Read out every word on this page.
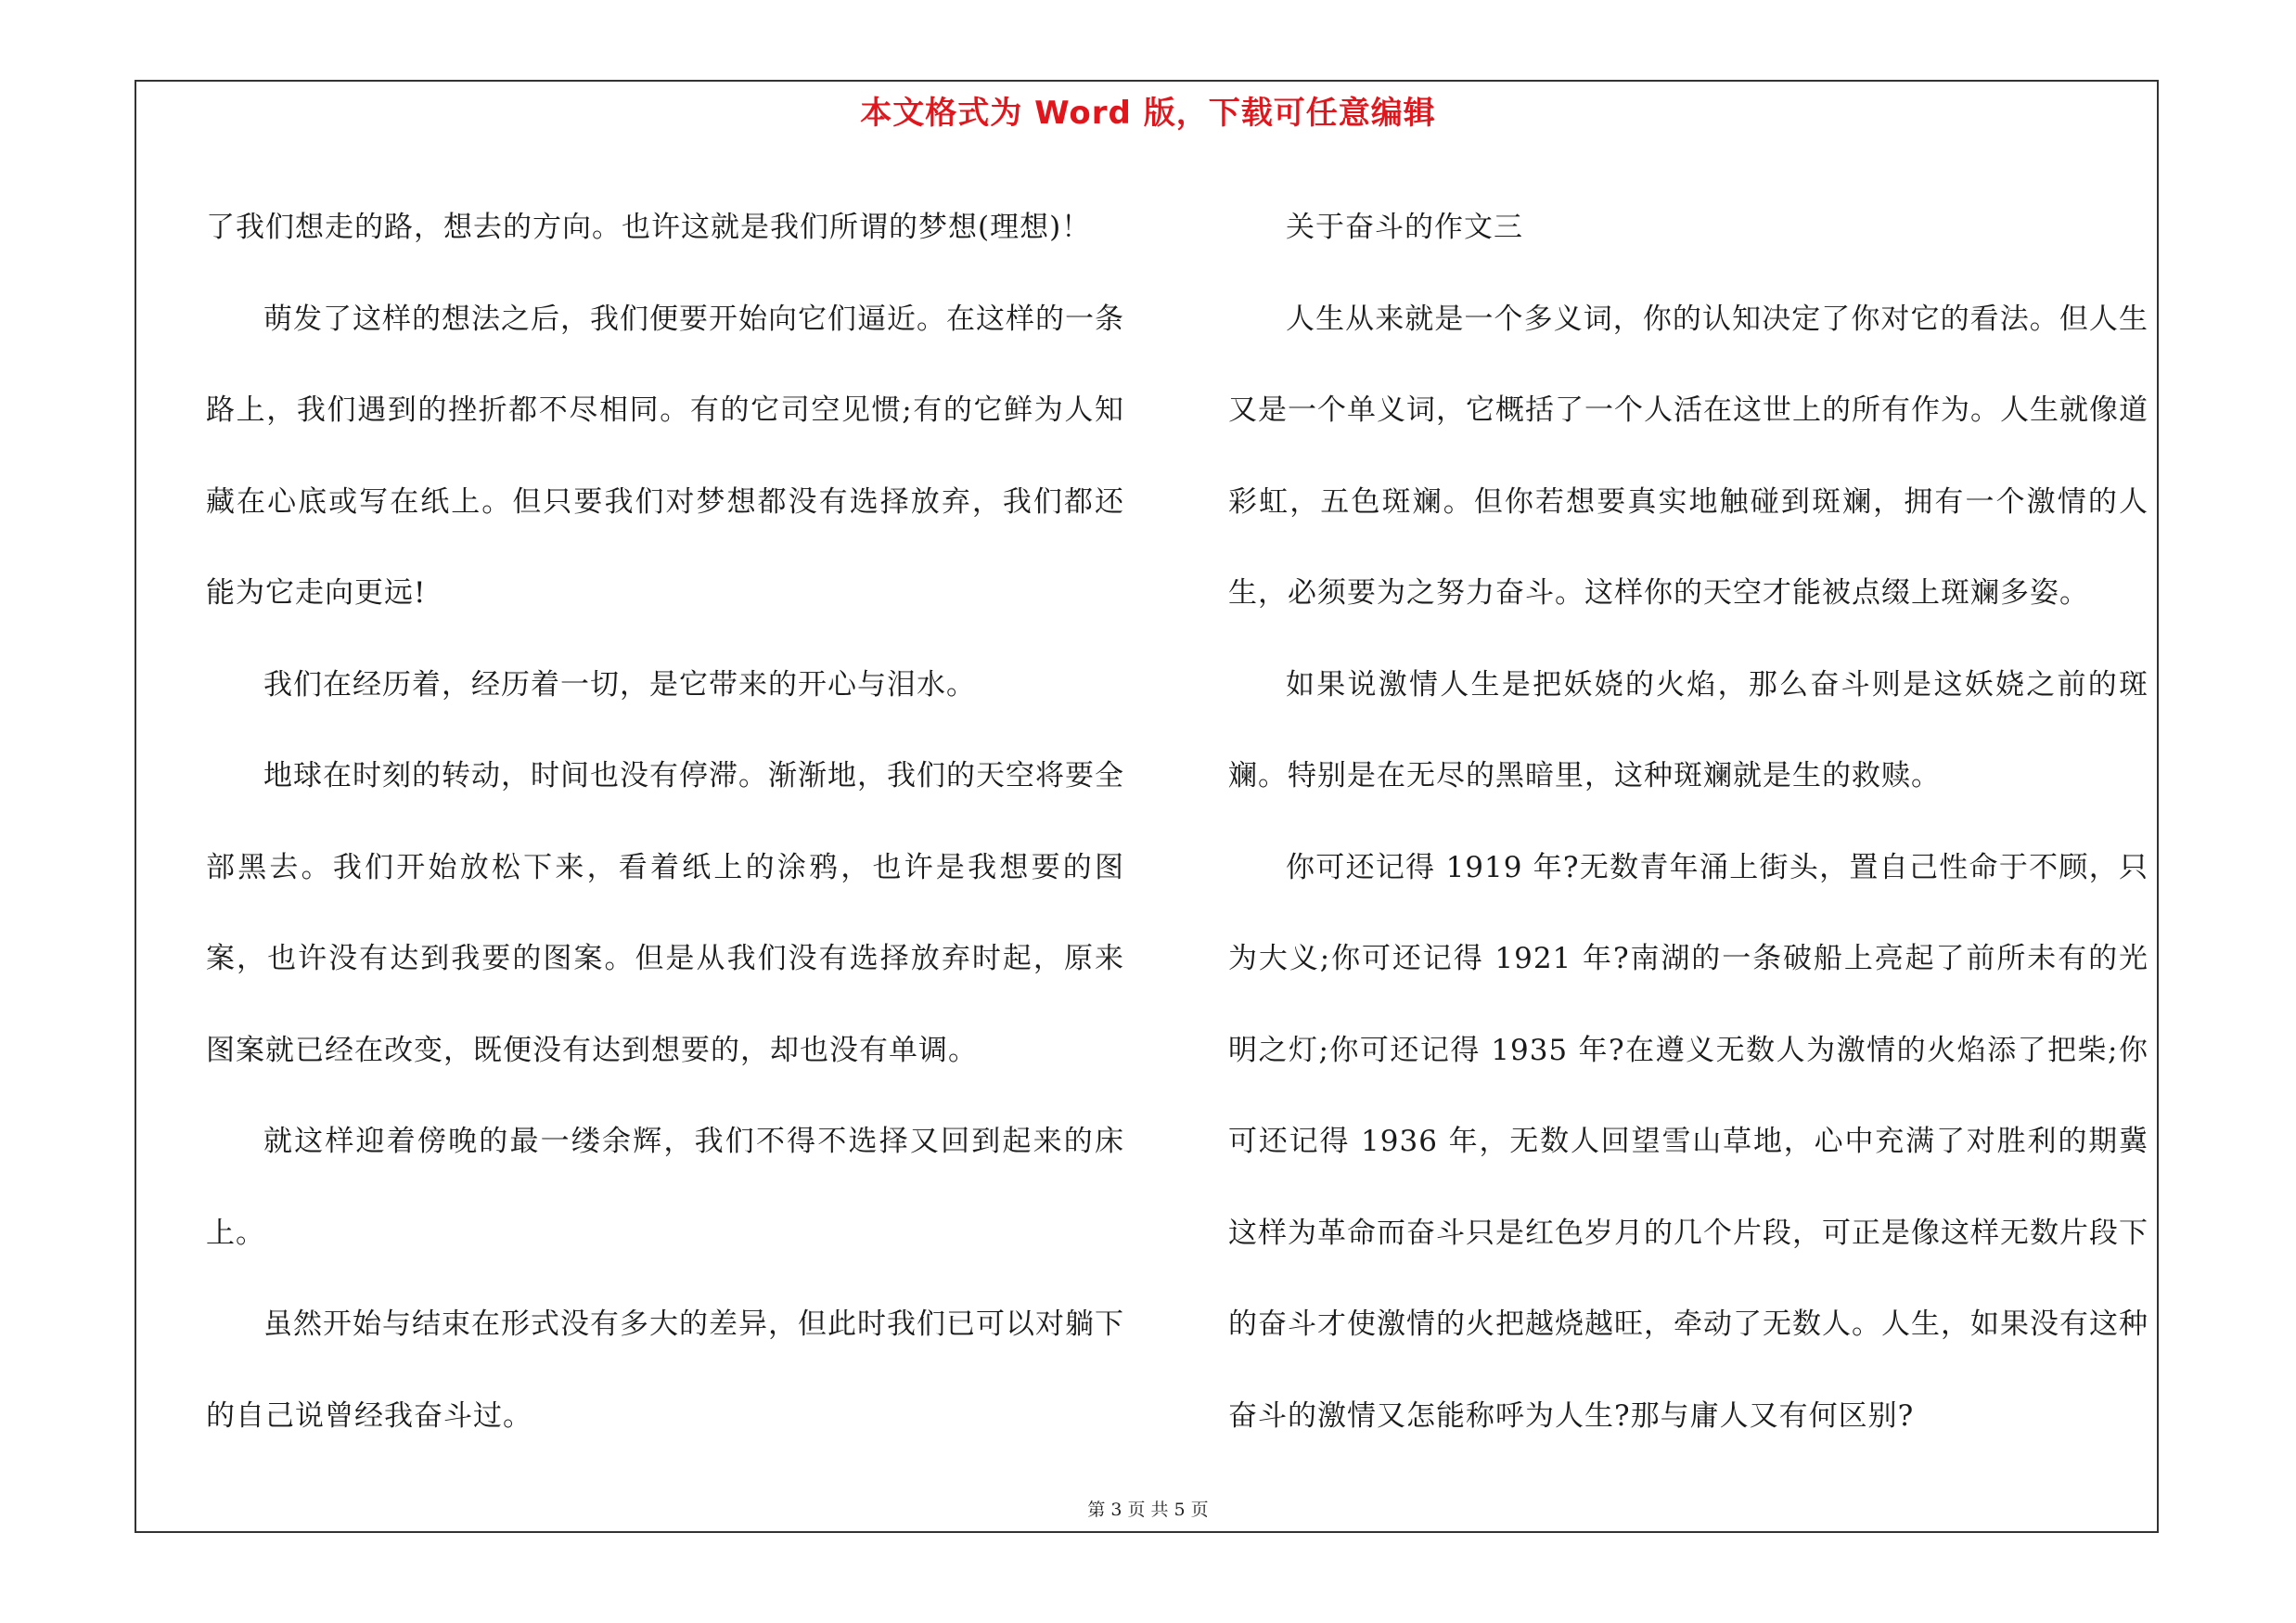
本文格式为 Word 版，下载可任意编辑

了我们想走的路，想去的方向。也许这就是我们所谓的梦想(理想)！

萌发了这样的想法之后，我们便要开始向它们逼近。在这样的一条路上，我们遇到的挫折都不尽相同。有的它司空见惯;有的它鲜为人知藏在心底或写在纸上。但只要我们对梦想都没有选择放弃，我们都还能为它走向更远!

我们在经历着，经历着一切，是它带来的开心与泪水。

地球在时刻的转动，时间也没有停滞。渐渐地，我们的天空将要全部黑去。我们开始放松下来，看着纸上的涂鸦，也许是我想要的图案，也许没有达到我要的图案。但是从我们没有选择放弃时起，原来图案就已经在改变，既便没有达到想要的，却也没有单调。

就这样迎着傍晚的最一缕余辉，我们不得不选择又回到起来的床上。

虽然开始与结束在形式没有多大的差异，但此时我们已可以对躺下的自己说曾经我奋斗过。

关于奋斗的作文三

人生从来就是一个多义词，你的认知决定了你对它的看法。但人生又是一个单义词，它概括了一个人活在这世上的所有作为。人生就像道彩虹，五色斑斓。但你若想要真实地触碰到斑斓，拥有一个激情的人生，必须要为之努力奋斗。这样你的天空才能被点缀上斑斓多姿。

如果说激情人生是把妖娆的火焰，那么奋斗则是这妖娆之前的斑斓。特别是在无尽的黑暗里，这种斑斓就是生的救赎。

你可还记得 1919 年?无数青年涌上街头，置自己性命于不顾，只为大义;你可还记得 1921 年?南湖的一条破船上亮起了前所未有的光明之灯;你可还记得 1935 年?在遵义无数人为激情的火焰添了把柴;你可还记得 1936 年，无数人回望雪山草地，心中充满了对胜利的期冀这样为革命而奋斗只是红色岁月的几个片段，可正是像这样无数片段下的奋斗才使激情的火把越烧越旺，牵动了无数人。人生，如果没有这种奋斗的激情又怎能称呼为人生?那与庸人又有何区别?

第 3 页 共 5 页
